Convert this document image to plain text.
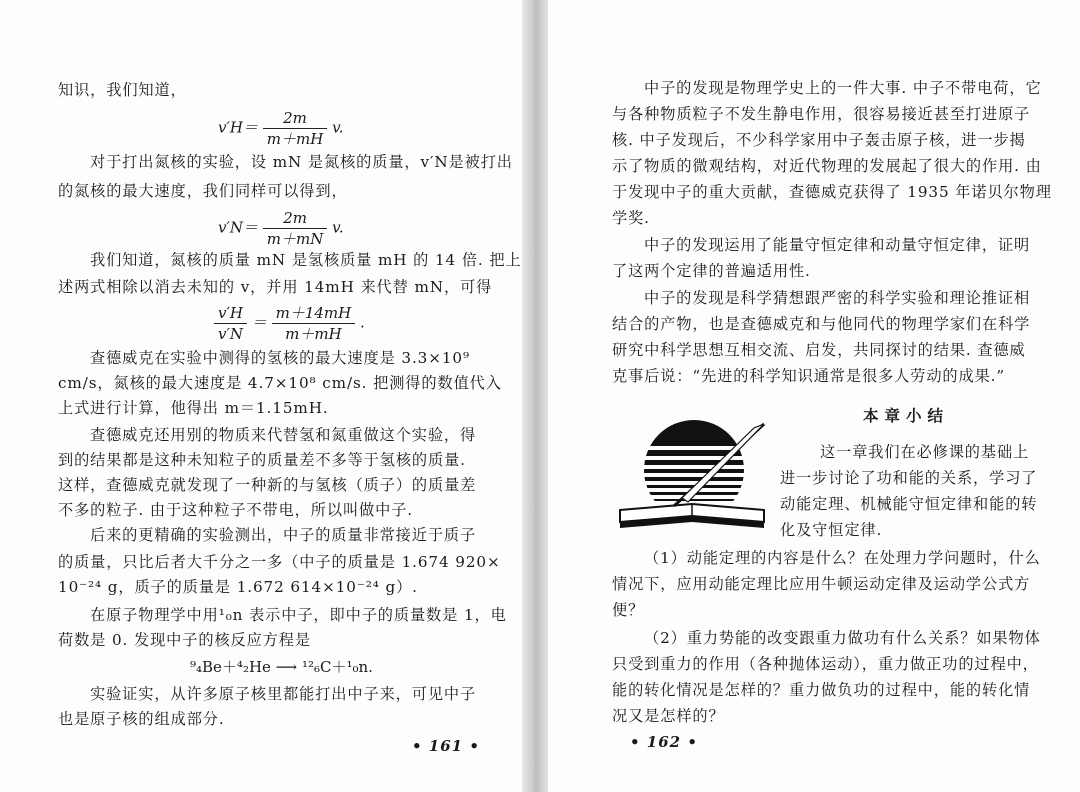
知识，我们知道，
$v'H= \frac{2m}{m+mH} v$.
对于打出氮核的实验，设 mN 是氮核的质量，v′N是被打出
的氮核的最大速度，我们同样可以得到，
$v'N= \frac{2m}{m+mN} v$.
我们知道，氮核的质量 mN 是氢核质量 mH 的 14 倍. 把上
述两式相除以消去未知的 v，并用 14mH 来代替 mN，可得
$\frac{v'H}{v'N} = \frac{m+14mH}{m+mH}$ .
查德威克在实验中测得的氢核的最大速度是 3.3×10⁹
cm/s，氮核的最大速度是 4.7×10⁸ cm/s. 把测得的数值代入
上式进行计算，他得出 m＝1.15mH.
查德威克还用别的物质来代替氢和氮重做这个实验，得
到的结果都是这种未知粒子的质量差不多等于氢核的质量.
这样，查德威克就发现了一种新的与氢核（质子）的质量差
不多的粒子. 由于这种粒子不带电，所以叫做中子.
后来的更精确的实验测出，中子的质量非常接近于质子
的质量，只比后者大千分之一多（中子的质量是 1.674 920×
10⁻²⁴ g，质子的质量是 1.672 614×10⁻²⁴ g）.
在原子物理学中用¹₀n 表示中子，即中子的质量数是 1，电
荷数是 0. 发现中子的核反应方程是
⁹₄Be＋⁴₂He ⟶ ¹²₆C＋¹₀n.
实验证实，从许多原子核里都能打出中子来，可见中子
也是原子核的组成部分.
• 161 •
中子的发现是物理学史上的一件大事. 中子不带电荷，它
与各种物质粒子不发生静电作用，很容易接近甚至打进原子
核. 中子发现后，不少科学家用中子轰击原子核，进一步揭
示了物质的微观结构，对近代物理的发展起了很大的作用. 由
于发现中子的重大贡献，查德威克获得了 1935 年诺贝尔物理
学奖.
中子的发现运用了能量守恒定律和动量守恒定律，证明
了这两个定律的普遍适用性.
中子的发现是科学猜想跟严密的科学实验和理论推证相
结合的产物，也是查德威克和与他同代的物理学家们在科学
研究中科学思想互相交流、启发，共同探讨的结果. 查德威
克事后说：“先进的科学知识通常是很多人劳动的成果.”
本章小结
这一章我们在必修课的基础上
进一步讨论了功和能的关系，学习了
动能定理、机械能守恒定律和能的转
化及守恒定律.
（1）动能定理的内容是什么？在处理力学问题时，什么
情况下，应用动能定理比应用牛顿运动定律及运动学公式方
便？
（2）重力势能的改变跟重力做功有什么关系？如果物体
只受到重力的作用（各种抛体运动），重力做正功的过程中，
能的转化情况是怎样的？重力做负功的过程中，能的转化情
况又是怎样的？
• 162 •
